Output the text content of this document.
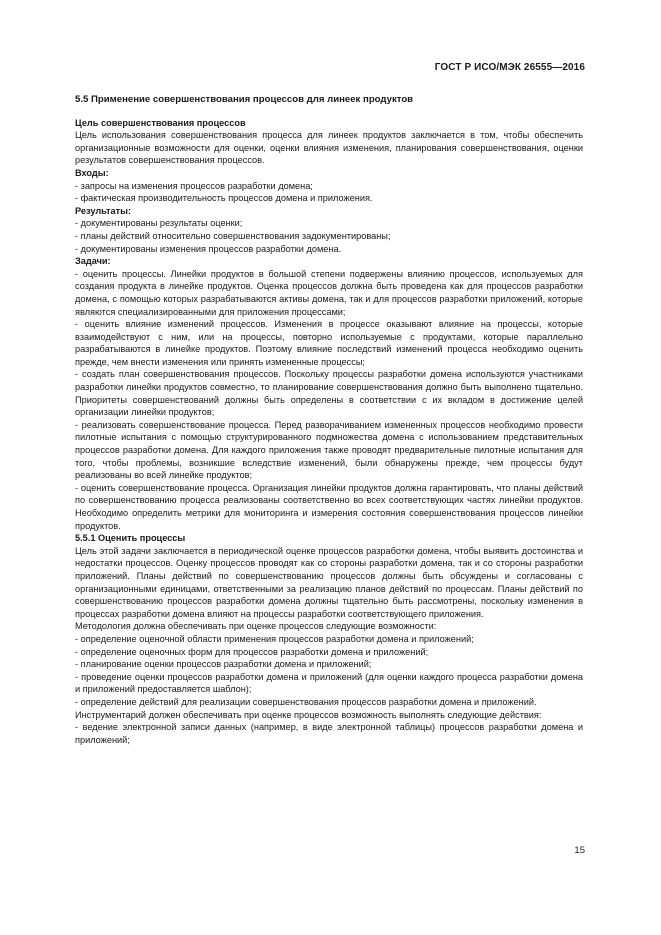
ГОСТ Р ИСО/МЭК 26555—2016

5.5 Применение совершенствования процессов для линеек продуктов

Цель совершенствования процессов

Цель использования совершенствования процесса для линеек продуктов заключается в том, чтобы обеспечить организационные возможности для оценки, оценки влияния изменения, планирования совершенствования, оценки результатов совершенствования процессов.

Входы:

- запросы на изменения процессов разработки домена;

- фактическая производительность процессов домена и приложения.

Результаты:

- документированы результаты оценки;

- планы действий относительно совершенствования задокументированы;

- документированы изменения процессов разработки домена.

Задачи:

- оценить процессы. Линейки продуктов в большой степени подвержены влиянию процессов, используемых для создания продукта в линейке продуктов. Оценка процессов должна быть проведена как для процессов разработки домена, с помощью которых разрабатываются активы домена, так и для процессов разработки приложений, которые являются специализированными для приложения процессами;

- оценить влияние изменений процессов. Изменения в процессе оказывают влияние на процессы, которые взаимодействуют с ним, или на процессы, повторно используемые с продуктами, которые параллельно разрабатываются в линейке продуктов. Поэтому влияние последствий изменений процесса необходимо оценить прежде, чем внести изменения или принять измененные процессы;

- создать план совершенствования процессов. Поскольку процессы разработки домена используются участниками разработки линейки продуктов совместно, то планирование совершенствования должно быть выполнено тщательно. Приоритеты совершенствований должны быть определены в соответствии с их вкладом в достижение целей организации линейки продуктов;

- реализовать совершенствование процесса. Перед разворачиванием измененных процессов необходимо провести пилотные испытания с помощью структурированного подмножества домена с использованием представительных процессов разработки домена. Для каждого приложения также проводят предварительные пилотные испытания для того, чтобы проблемы, возникшие вследствие изменений, были обнаружены прежде, чем процессы будут реализованы во всей линейке продуктов;

- оценить совершенствование процесса. Организация линейки продуктов должна гарантировать, что планы действий по совершенствованию процесса реализованы соответственно во всех соответствующих частях линейки продуктов. Необходимо определить метрики для мониторинга и измерения состояния совершенствования процессов линейки продуктов.

5.5.1 Оценить процессы

Цель этой задачи заключается в периодической оценке процессов разработки домена, чтобы выявить достоинства и недостатки процессов. Оценку процессов проводят как со стороны разработки домена, так и со стороны разработки приложений. Планы действий по совершенствованию процессов должны быть обсуждены и согласованы с организационными единицами, ответственными за реализацию планов действий по процессам. Планы действий по совершенствованию процессов разработки домена должны тщательно быть рассмотрены, поскольку изменения в процессах разработки домена влияют на процессы разработки соответствующего приложения.

Методология должна обеспечивать при оценке процессов следующие возможности:

- определение оценочной области применения процессов разработки домена и приложений;

- определение оценочных форм для процессов разработки домена и приложений;

- планирование оценки процессов разработки домена и приложений;

- проведение оценки процессов разработки домена и приложений (для оценки каждого процесса разработки домена и приложений предоставляется шаблон);

- определение действий для реализации совершенствования процессов разработки домена и приложений.

Инструментарий должен обеспечивать при оценке процессов возможность выполнять следующие действия:

- ведение электронной записи данных (например, в виде электронной таблицы) процессов разработки домена и приложений;

15
